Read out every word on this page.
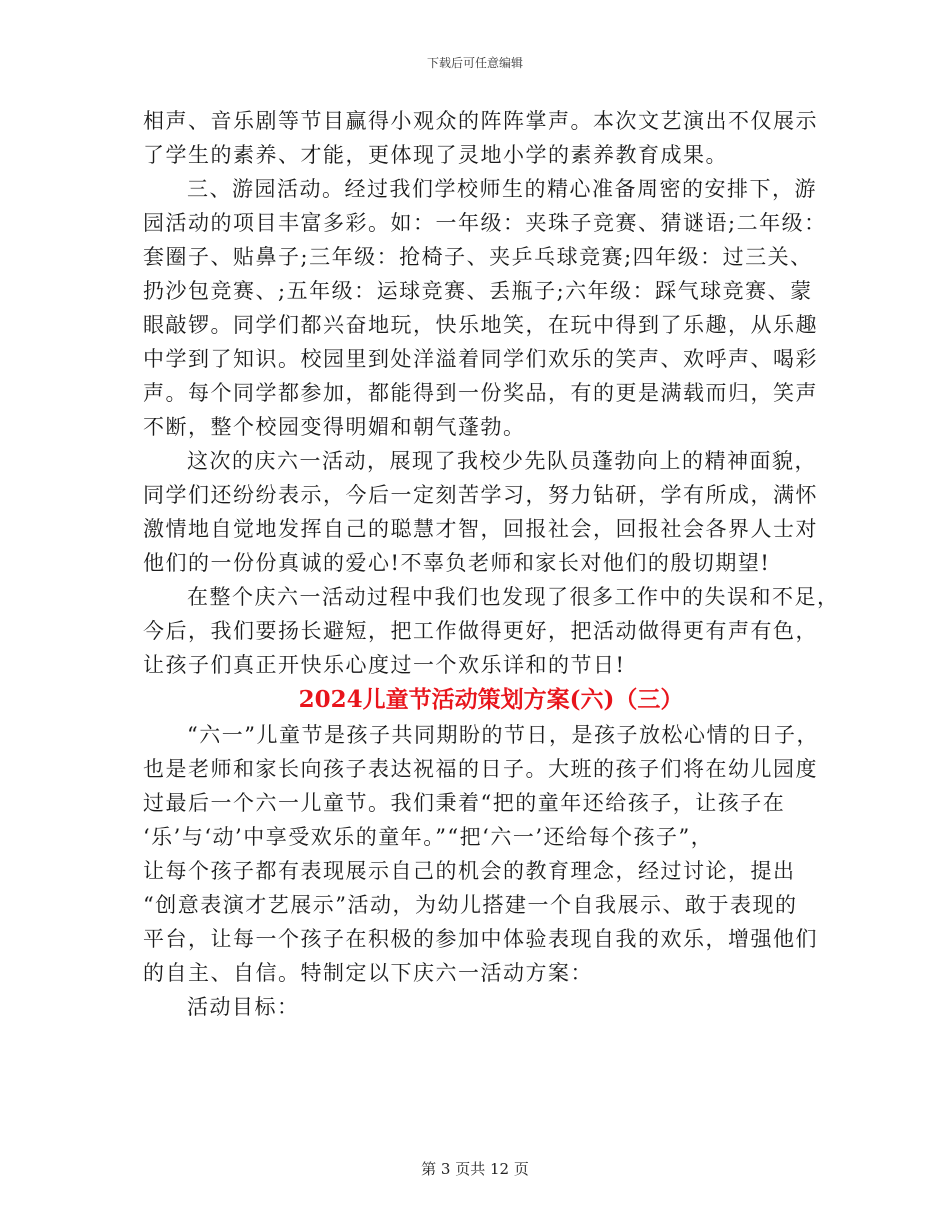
下载后可任意编辑
相声、音乐剧等节目赢得小观众的阵阵掌声。本次文艺演出不仅展示
了学生的素养、才能，更体现了灵地小学的素养教育成果。
三、游园活动。经过我们学校师生的精心准备周密的安排下，游
园活动的项目丰富多彩。如：一年级：夹珠子竞赛、猜谜语;二年级：
套圈子、贴鼻子;三年级：抢椅子、夹乒乓球竞赛;四年级：过三关、
扔沙包竞赛、;五年级：运球竞赛、丢瓶子;六年级：踩气球竞赛、蒙
眼敲锣。同学们都兴奋地玩，快乐地笑，在玩中得到了乐趣，从乐趣
中学到了知识。校园里到处洋溢着同学们欢乐的笑声、欢呼声、喝彩
声。每个同学都参加，都能得到一份奖品，有的更是满载而归，笑声
不断，整个校园变得明媚和朝气蓬勃。
这次的庆六一活动，展现了我校少先队员蓬勃向上的精神面貌，
同学们还纷纷表示，今后一定刻苦学习，努力钻研，学有所成，满怀
激情地自觉地发挥自己的聪慧才智，回报社会，回报社会各界人士对
他们的一份份真诚的爱心!不辜负老师和家长对他们的殷切期望!
在整个庆六一活动过程中我们也发现了很多工作中的失误和不足，
今后，我们要扬长避短，把工作做得更好，把活动做得更有声有色，
让孩子们真正开快乐心度过一个欢乐详和的节日!
2024儿童节活动策划方案(六)（三）
“六一”儿童节是孩子共同期盼的节日，是孩子放松心情的日子，
也是老师和家长向孩子表达祝福的日子。大班的孩子们将在幼儿园度
过最后一个六一儿童节。我们秉着“把的童年还给孩子，让孩子在
‘乐’与‘动’中享受欢乐的童年。”“把‘六一’还给每个孩子”，
让每个孩子都有表现展示自己的机会的教育理念，经过讨论，提出
“创意表演才艺展示”活动，为幼儿搭建一个自我展示、敢于表现的
平台，让每一个孩子在积极的参加中体验表现自我的欢乐，增强他们
的自主、自信。特制定以下庆六一活动方案：
活动目标：
第 3 页共 12 页
